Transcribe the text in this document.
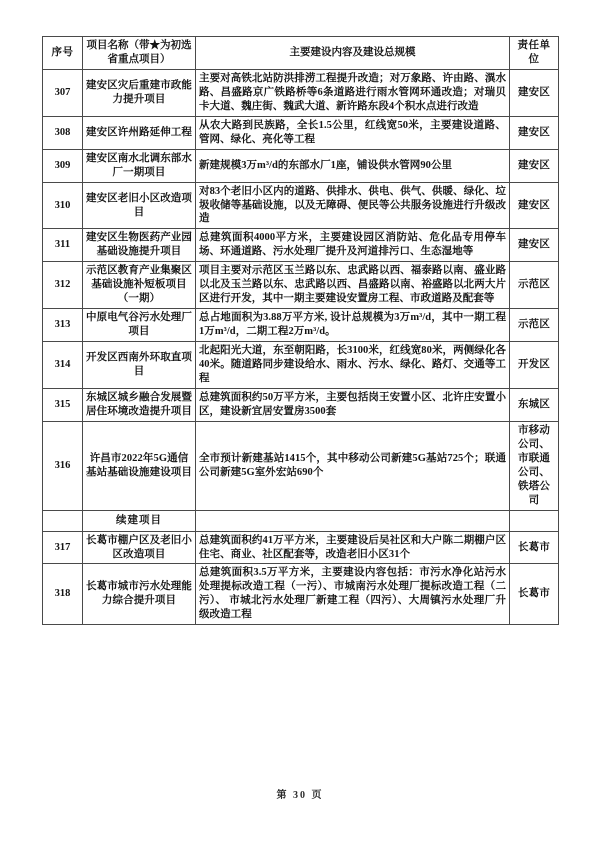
序号	项目名称（带★为初选省重点项目）	主要建设内容及建设总规模	责任单位
307	建安区灾后重建市政能力提升项目	主要对高铁北站防洪排涝工程提升改造；对万象路、许由路、潩水路、昌盛路京广铁路桥等6条道路进行雨水管网环通改造；对瑞贝卡大道、魏庄街、魏武大道、新许路东段4个积水点进行改造	建安区
308	建安区许州路延伸工程	从农大路到民族路，全长1.5公里，红线宽50米，主要建设道路、管网、绿化、亮化等工程	建安区
309	建安区南水北调东部水厂一期项目	新建规模3万m³/d的东部水厂1座，铺设供水管网90公里	建安区
310	建安区老旧小区改造项目	对83个老旧小区内的道路、供排水、供电、供气、供暖、绿化、垃圾收储等基础设施，以及无障碍、便民等公共服务设施进行升级改造	建安区
311	建安区生物医药产业园基础设施提升项目	总建筑面积4000平方米，主要建设园区消防站、危化品专用停车场、环通道路、污水处理厂提升及河道排污口、生态湿地等	建安区
312	示范区教育产业集聚区基础设施补短板项目（一期）	项目主要对示范区玉兰路以东、忠武路以西、福泰路以南、盛业路以北及玉兰路以东、忠武路以西、昌盛路以南、裕盛路以北两大片区进行开发，其中一期主要建设安置房工程、市政道路及配套等	示范区
313	中原电气谷污水处理厂项目	总占地面积为3.88万平方米, 设计总规模为3万m³/d，其中一期工程1万m³/d，二期工程2万m³/d。	示范区
314	开发区西南外环取直项目	北起阳光大道，东至朝阳路，长3100米，红线宽80米，两侧绿化各40米。随道路同步建设给水、雨水、污水、绿化、路灯、交通等工程	开发区
315	东城区城乡融合发展暨居住环境改造提升项目	总建筑面积约50万平方米，主要包括岗王安置小区、北许庄安置小区，建设新宜居安置房3500套	东城区
316	许昌市2022年5G通信基站基础设施建设项目	全市预计新建基站1415个，其中移动公司新建5G基站725个；联通公司新建5G室外宏站690个	市移动公司、市联通公司、铁塔公司
	续建项目		
317	长葛市棚户区及老旧小区改造项目	总建筑面积约41万平方米，主要建设后吴社区和大户陈二期棚户区住宅、商业、社区配套等，改造老旧小区31个	长葛市
318	长葛市城市污水处理能力综合提升项目	总建筑面积3.5万平方米，主要建设内容包括：市污水净化站污水处理提标改造工程（一污）、市城南污水处理厂提标改造工程（二污）、 市城北污水处理厂新建工程（四污）、大周镇污水处理厂升级改造工程	长葛市
第 30 页
